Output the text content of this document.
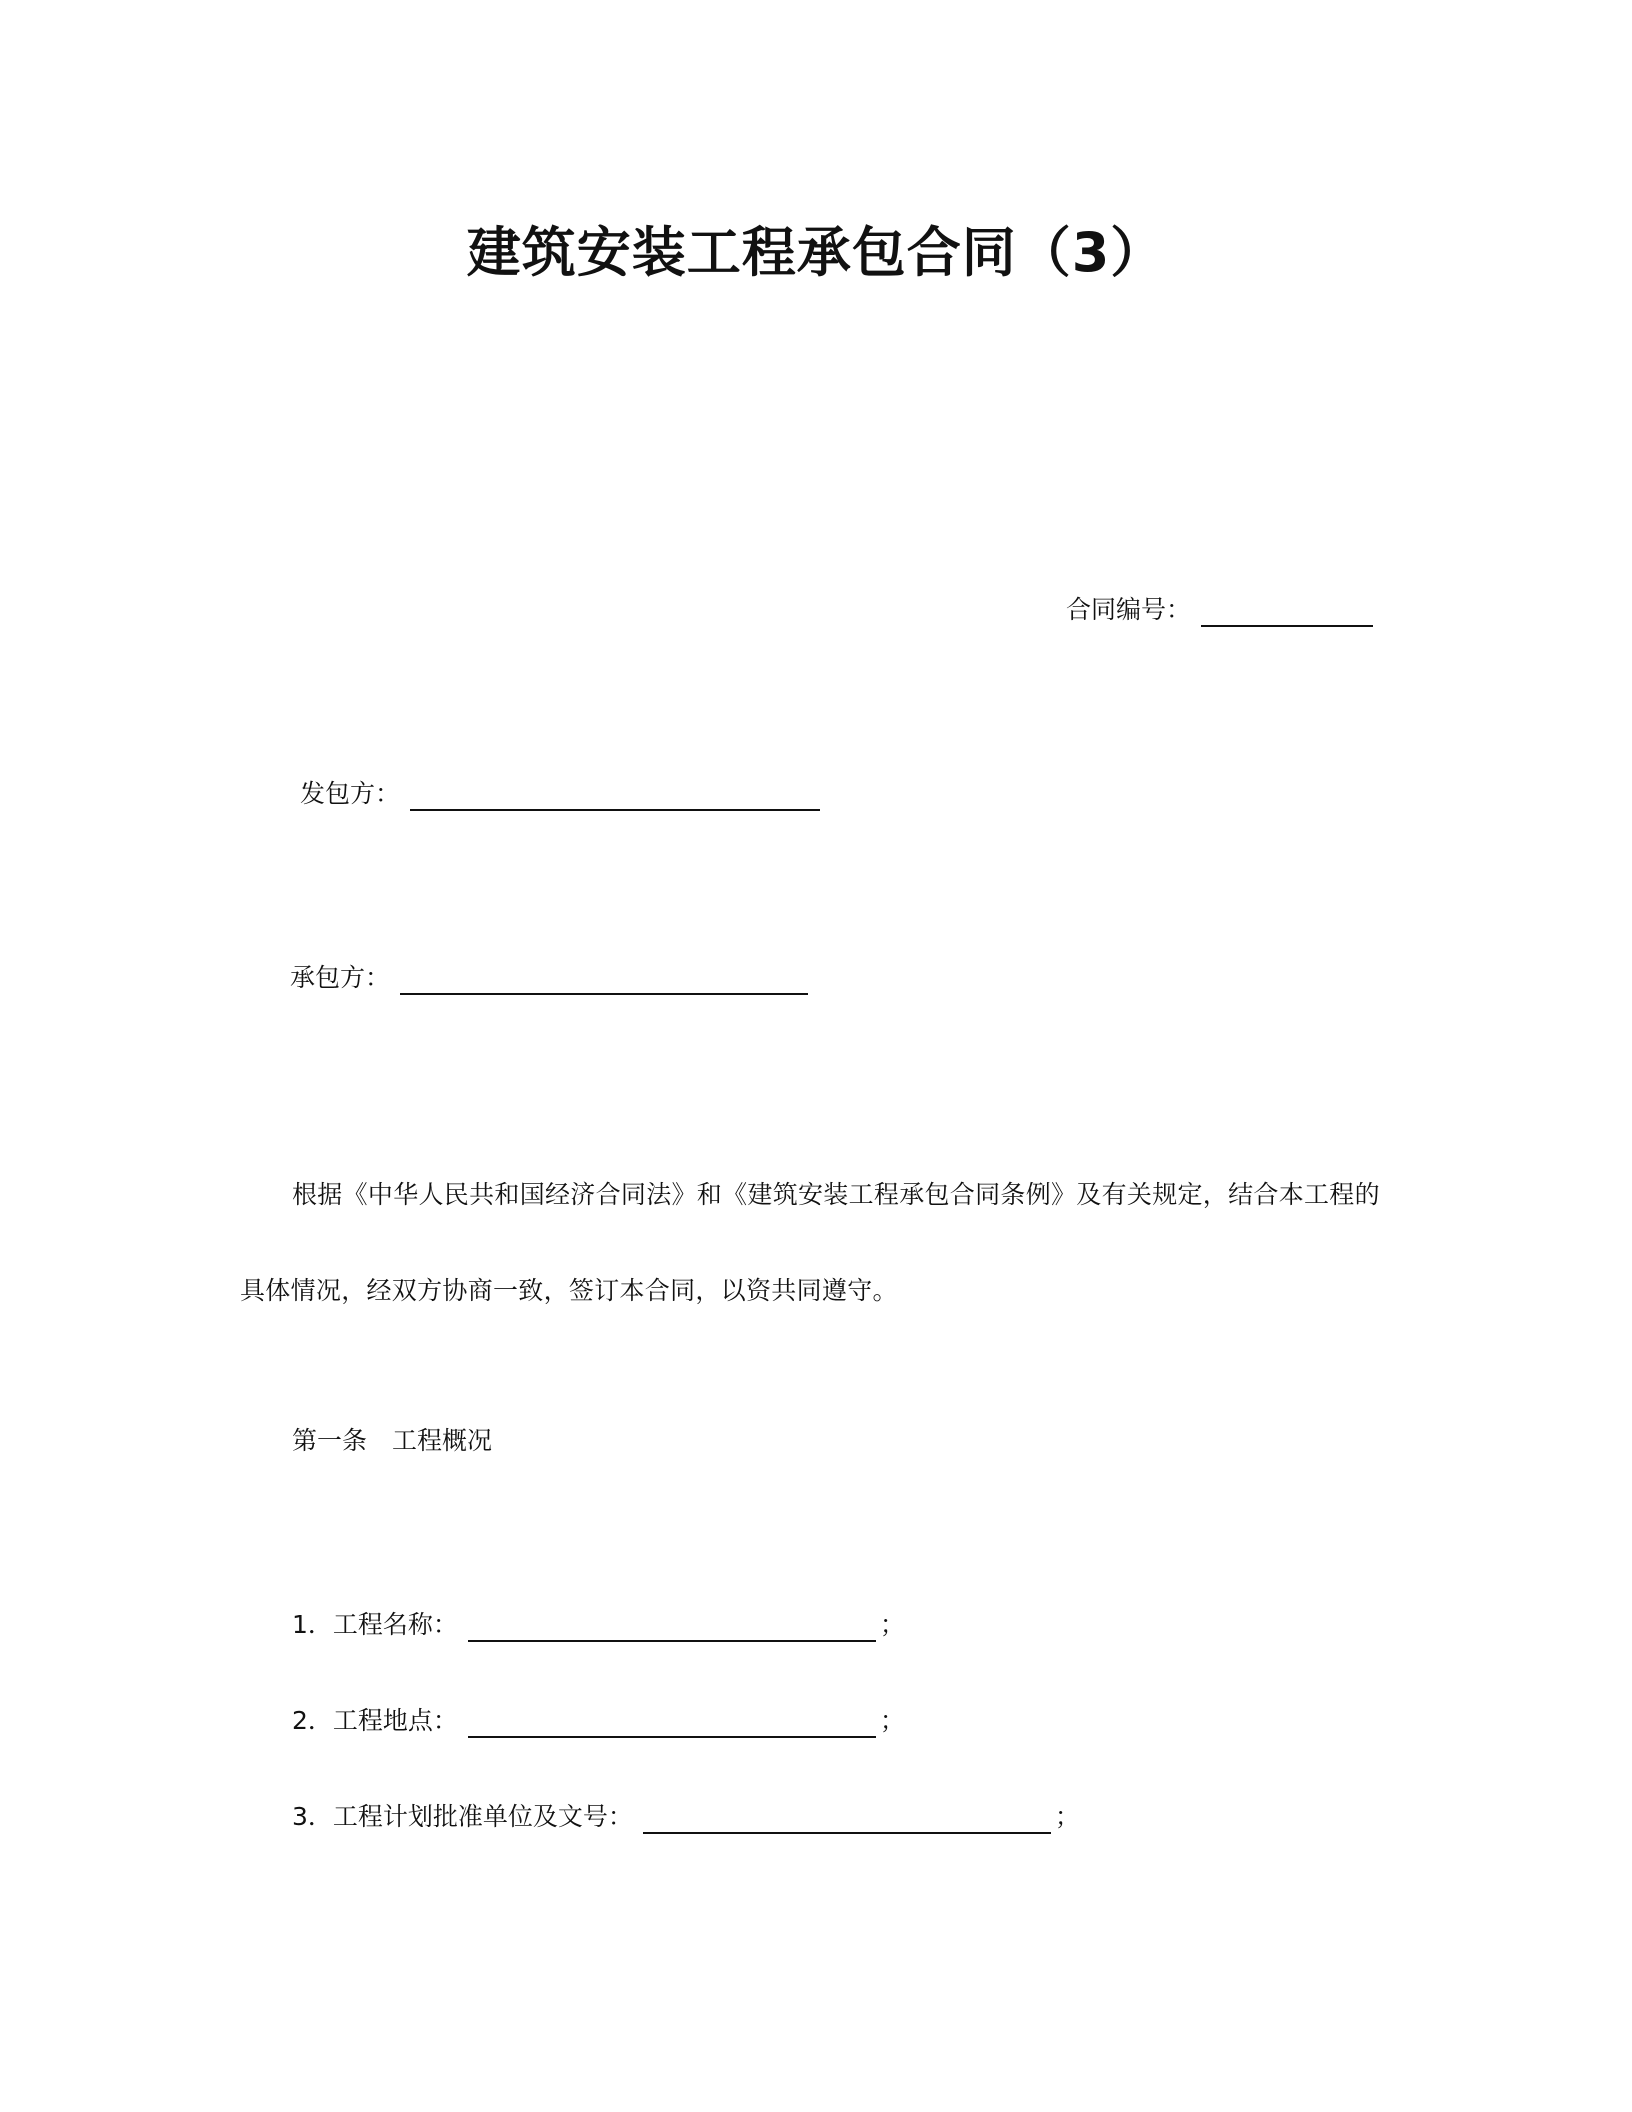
建筑安装工程承包合同（3）
合同编号：
发包方：
承包方：
根据《中华人民共和国经济合同法》和《建筑安装工程承包合同条例》及有关规定，结合本工程的具体情况，经双方协商一致，签订本合同，以资共同遵守。
第一条　工程概况
1．工程名称：	；
2．工程地点：	；
3．工程计划批准单位及文号：	；
